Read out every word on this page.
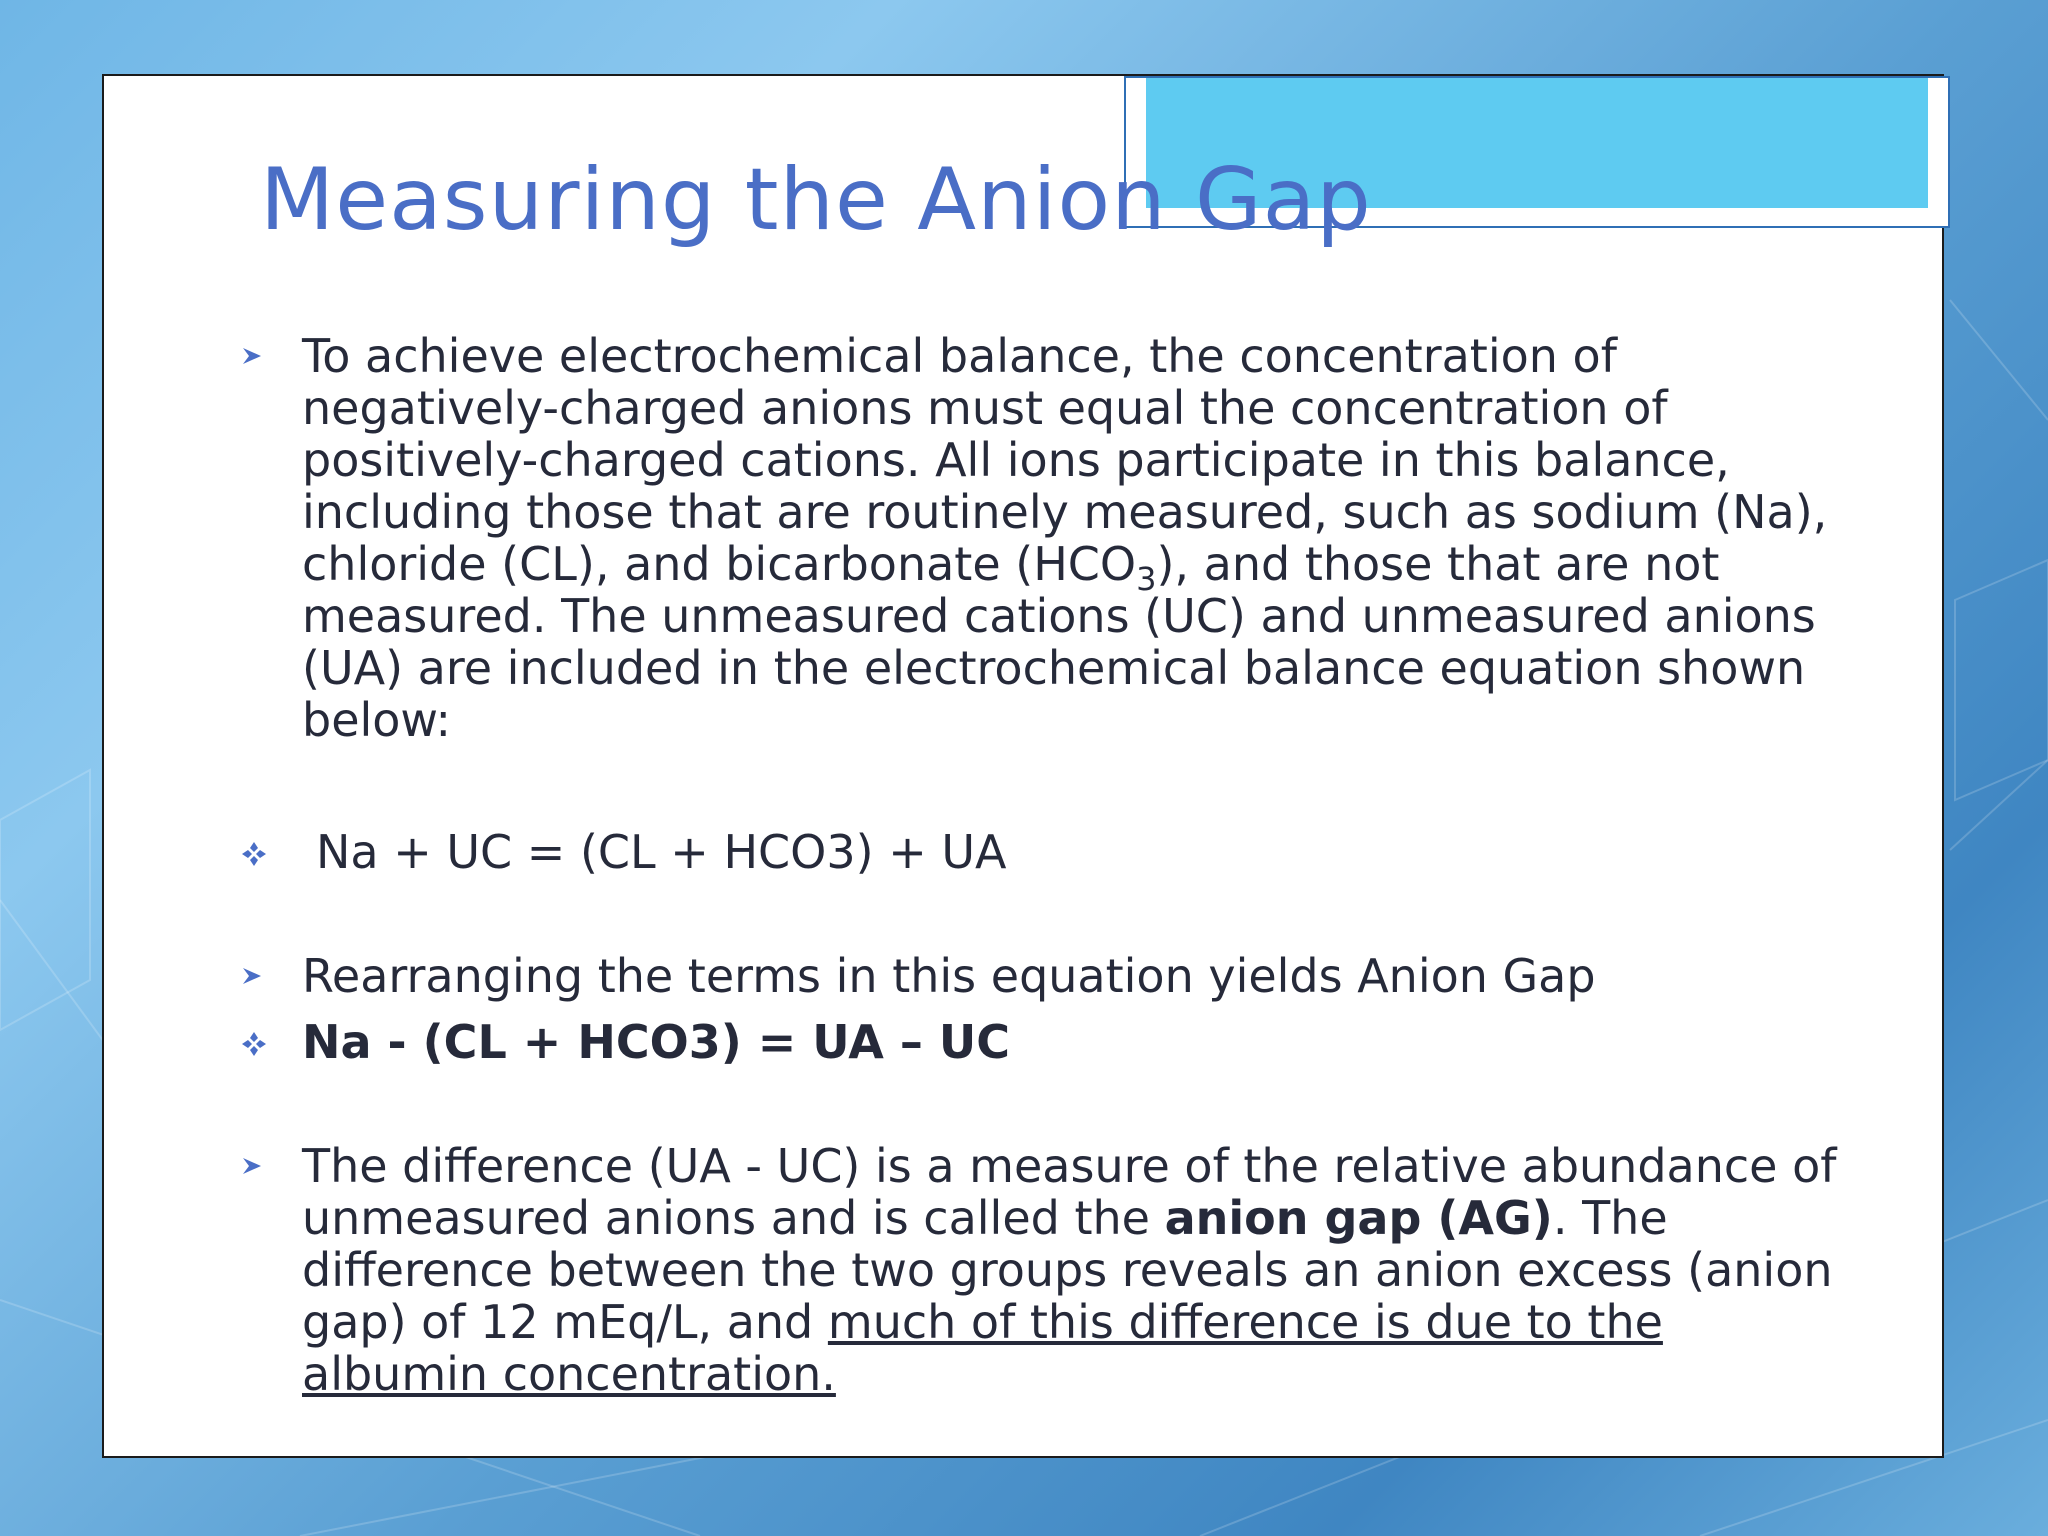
Measuring the Anion Gap
To achieve electrochemical balance, the concentration of negatively-charged anions must equal the concentration of positively-charged cations. All ions participate in this balance, including those that are routinely measured, such as sodium (Na), chloride (CL), and bicarbonate $(HCO_3)$, and those that are not measured. The unmeasured cations (UC) and unmeasured anions (UA) are included in the electrochemical balance equation shown below:
Na + UC = (CL + HCO3) + UA
Rearranging the terms in this equation yields Anion Gap
Na - (CL + HCO3) = UA – UC
The difference (UA - UC) is a measure of the relative abundance of unmeasured anions and is called the anion gap (AG). The difference between the two groups reveals an anion excess (anion gap) of 12 mEq/L, and much of this difference is due to the albumin concentration.
